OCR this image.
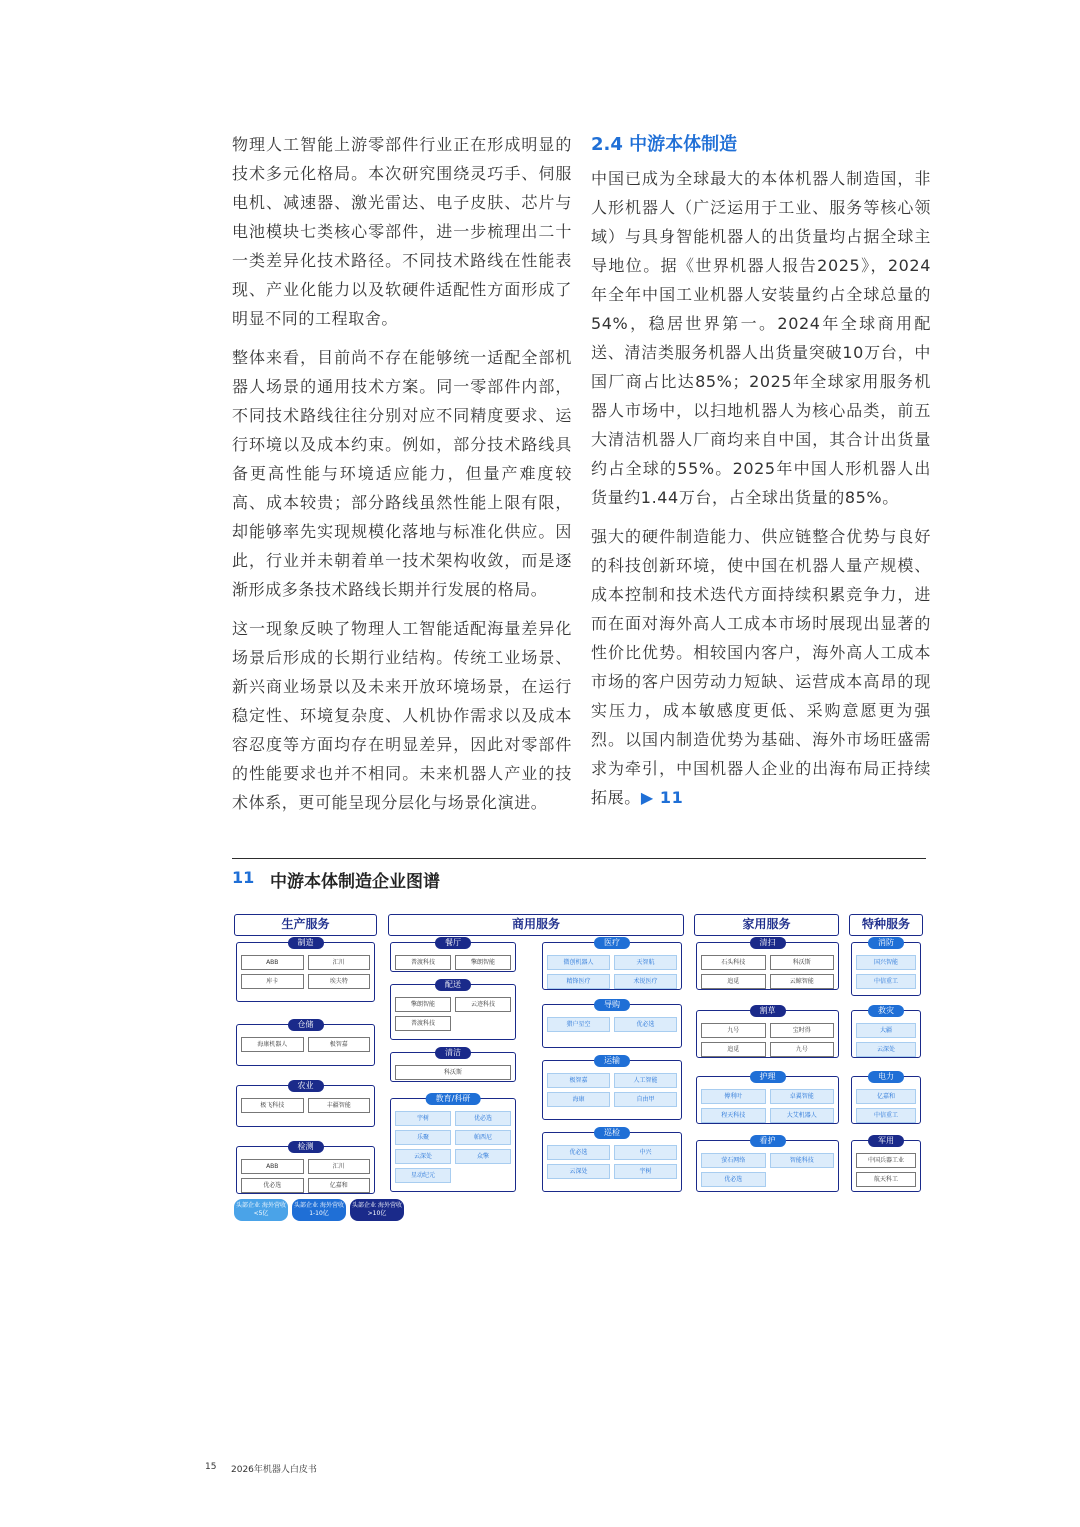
物理人工智能上游零部件行业正在形成明显的技术多元化格局。本次研究围绕灵巧手、伺服电机、减速器、激光雷达、电子皮肤、芯片与电池模块七类核心零部件，进一步梳理出二十一类差异化技术路径。不同技术路线在性能表现、产业化能力以及软硬件适配性方面形成了明显不同的工程取舍。

整体来看，目前尚不存在能够统一适配全部机器人场景的通用技术方案。同一零部件内部，不同技术路线往往分别对应不同精度要求、运行环境以及成本约束。例如，部分技术路线具备更高性能与环境适应能力，但量产难度较高、成本较贵；部分路线虽然性能上限有限，却能够率先实现规模化落地与标准化供应。因此，行业并未朝着单一技术架构收敛，而是逐渐形成多条技术路线长期并行发展的格局。

这一现象反映了物理人工智能适配海量差异化场景后形成的长期行业结构。传统工业场景、新兴商业场景以及未来开放环境场景，在运行稳定性、环境复杂度、人机协作需求以及成本容忍度等方面均存在明显差异，因此对零部件的性能要求也并不相同。未来机器人产业的技术体系，更可能呈现分层化与场景化演进。

2.4 中游本体制造

中国已成为全球最大的本体机器人制造国，非人形机器人（广泛运用于工业、服务等核心领域）与具身智能机器人的出货量均占据全球主导地位。据《世界机器人报告2025》，2024年全年中国工业机器人安装量约占全球总量的54%，稳居世界第一。2024年全球商用配送、清洁类服务机器人出货量突破10万台，中国厂商占比达85%；2025年全球家用服务机器人市场中，以扫地机器人为核心品类，前五大清洁机器人厂商均来自中国，其合计出货量约占全球的55%。2025年中国人形机器人出货量约1.44万台，占全球出货量的85%。

强大的硬件制造能力、供应链整合优势与良好的科技创新环境，使中国在机器人量产规模、成本控制和技术迭代方面持续积累竞争力，进而在面对海外高人工成本市场时展现出显著的性价比优势。相较国内客户，海外高人工成本市场的客户因劳动力短缺、运营成本高昂的现实压力，成本敏感度更低、采购意愿更为强烈。以国内制造优势为基础、海外市场旺盛需求为牵引，中国机器人企业的出海布局正持续拓展。▶ 11

11 中游本体制造企业图谱
生产服务	商用服务	家用服务	特种服务
制造
ABB	汇川
库卡	埃夫特
仓储
海康机器人	极智嘉
农业
极飞科技	丰疆智能
检测
ABB	汇川
优必选	亿嘉和
餐厅
普渡科技	擎朗智能
配送
擎朗智能	云迹科技
普渡科技
清洁
科沃斯
教育/科研
宇树	优必选
乐聚	帕西尼
云深处	众擎
星动纪元
医疗
微创机器人	天智航
精锋医疗	术锐医疗
导购
猎户星空	优必选
运输
极智嘉	人工智能
海康	自由甲
巡检
优必选	中兴
云深处	宇树
清扫
石头科技	科沃斯
追觅	云鲸智能
割草
九号	宝时得
追觅	九号
护理
傅利叶	卓翼智能
程天科技	大艾机器人
看护
萤石网络	智能科技
优必选
消防
国兴智能
中信重工
救灾
大疆
云深处
电力
亿嘉和
中信重工
军用
中国兵器工业
航天科工
头部企业 海外营收<5亿
头部企业 海外营收1-10亿
头部企业 海外营收>10亿
15 2026年机器人白皮书
